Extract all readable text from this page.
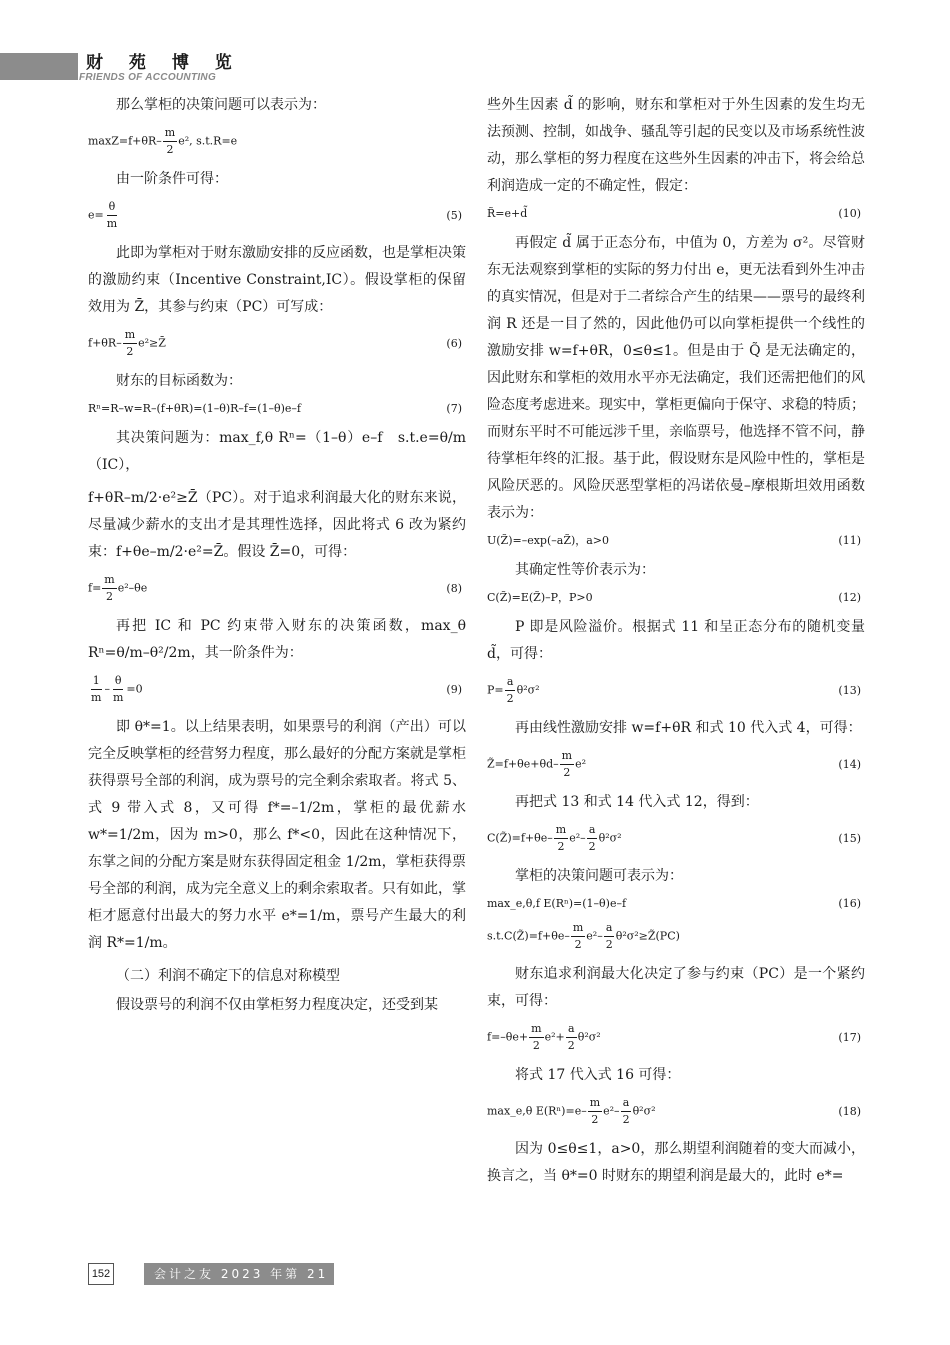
财 苑 博 览
FRIENDS OF ACCOUNTING

那么掌柜的决策问题可以表示为：

$\max Z=f+\theta R- \frac{m}{2} e^2$, s.t.R=e

由一阶条件可得：

$e= \frac{\theta}{m}$	(5)

此即为掌柜对于财东激励安排的反应函数，也是掌柜决策的激励约束（Incentive Constraint,IC）。假设掌柜的保留效用为 Z̄，其参与约束（PC）可写成：

$f+\theta R- \frac{m}{2}$ e²≥Z̄	(6)

财东的目标函数为：

Rⁿ=R–w=R–(f+θR)=(1–θ)R–f=(1–θ)e–f	(7)

其决策问题为：max_f,θ Rⁿ=（1–θ）e–f　s.t.e=θ/m（IC），

f+θR–m/2·e²≥Z̄（PC）。对于追求利润最大化的财东来说，尽量减少薪水的支出才是其理性选择，因此将式 6 改为紧约束：f+θe–m/2·e²=Z̄。假设 Z̄=0，可得：

$f= \frac{m}{2} e^2-\theta e$	(8)

再把 IC 和 PC 约束带入财东的决策函数，max_θ Rⁿ=θ/m–θ²/2m，其一阶条件为：

$\frac{1}{m} - \frac{\theta}{m} =0$	(9)

即 θ*=1。以上结果表明，如果票号的利润（产出）可以完全反映掌柜的经营努力程度，那么最好的分配方案就是掌柜获得票号全部的利润，成为票号的完全剩余索取者。将式 5、式 9 带入式 8，又可得 f*=–1/2m，掌柜的最优薪水 w*=1/2m，因为 m>0，那么 f*<0，因此在这种情况下，东掌之间的分配方案是财东获得固定租金 1/2m，掌柜获得票号全部的利润，成为完全意义上的剩余索取者。只有如此，掌柜才愿意付出最大的努力水平 e*=1/m，票号产生最大的利润 R*=1/m。

（二）利润不确定下的信息对称模型

假设票号的利润不仅由掌柜努力程度决定，还受到某

些外生因素 d̃ 的影响，财东和掌柜对于外生因素的发生均无法预测、控制，如战争、骚乱等引起的民变以及市场系统性波动，那么掌柜的努力程度在这些外生因素的冲击下，将会给总利润造成一定的不确定性，假定：

R̃=e+d̃	(10)

再假定 d̃ 属于正态分布，中值为 0，方差为 σ²。尽管财东无法观察到掌柜的实际的努力付出 e，更无法看到外生冲击的真实情况，但是对于二者综合产生的结果——票号的最终利润 R 还是一目了然的，因此他仍可以向掌柜提供一个线性的激励安排 w=f+θR，0≤θ≤1。但是由于 Q̃ 是无法确定的，因此财东和掌柜的效用水平亦无法确定，我们还需把他们的风险态度考虑进来。现实中，掌柜更偏向于保守、求稳的特质；而财东平时不可能远涉千里，亲临票号，他选择不管不问，静待掌柜年终的汇报。基于此，假设财东是风险中性的，掌柜是风险厌恶的。风险厌恶型掌柜的冯诺依曼–摩根斯坦效用函数表示为：

U(Z̃)=–exp(–aZ̃)，a>0	(11)

其确定性等价表示为：

C(Z̃)=E(Z̃)–P，P>0	(12)

P 即是风险溢价。根据式 11 和呈正态分布的随机变量 d̃，可得：

$P= \frac{a}{2} \theta^2\sigma^2$	(13)

再由线性激励安排 w=f+θR 和式 10 代入式 4，可得：

Z̃=f+θe+θd– $\frac{m}{2} e^2$	(14)

再把式 13 和式 14 代入式 12，得到：

C(Z̃)=f+θe– $\frac{m}{2} e^2- \frac{a}{2} \theta^2\sigma^2$	(15)

掌柜的决策问题可表示为：

max_e,θ,f E(Rⁿ)=(1–θ)e–f	(16)
s.t.C(Z̃)=f+θe– $\frac{m}{2} e^2- \frac{a}{2}$ θ²σ²≥Z̃(PC)

财东追求利润最大化决定了参与约束（PC）是一个紧约束，可得：

$f=-\theta e+ \frac{m}{2} e^2+ \frac{a}{2} \theta^2\sigma^2$	(17)

将式 17 代入式 16 可得：

max_e,θ $E(R^n)=e- \frac{m}{2} e^2- \frac{a}{2} \theta^2\sigma^2$	(18)

因为 0≤θ≤1，a>0，那么期望利润随着的变大而减小，换言之，当 θ*=0 时财东的期望利润是最大的，此时 e*=

152	会计之友 2023 年第 21 期
